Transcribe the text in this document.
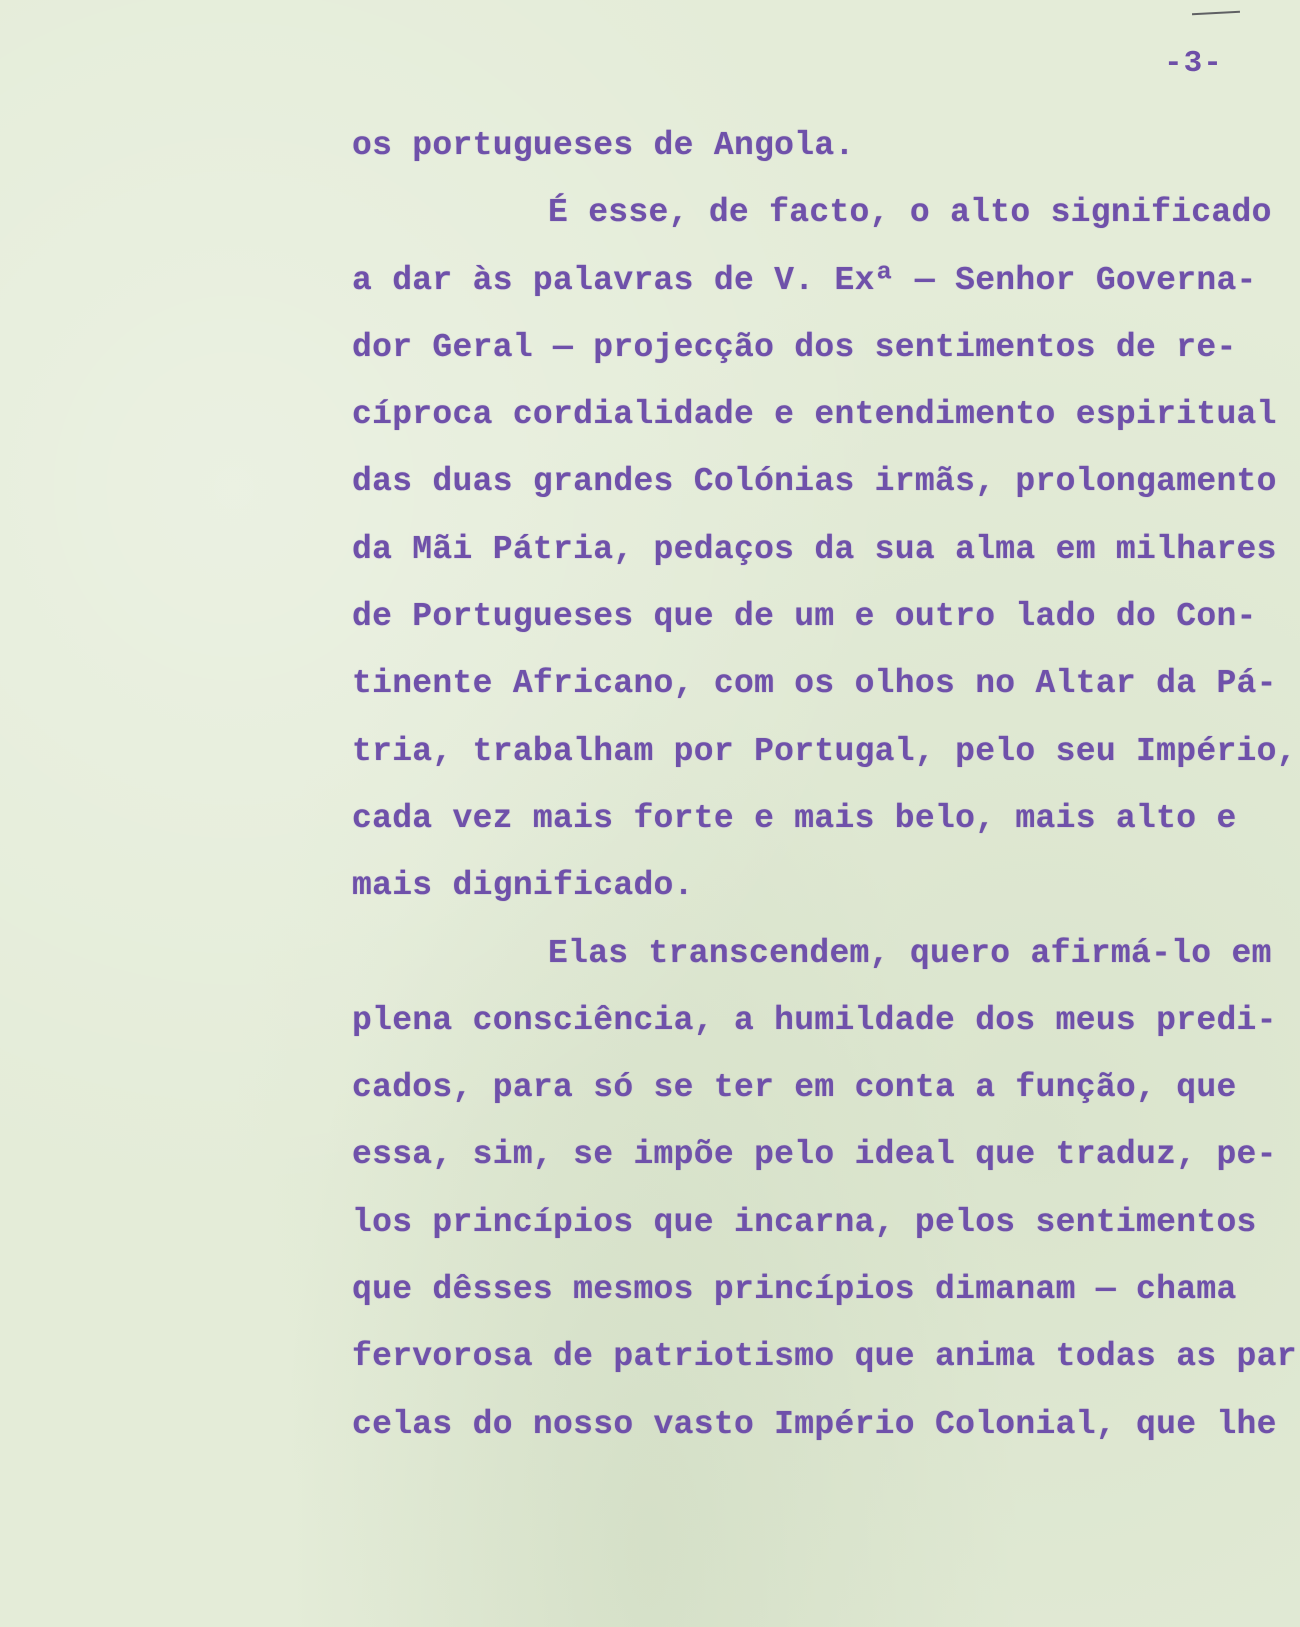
-3-
os portugueses de Angola.
É esse, de facto, o alto significado
a dar às palavras de V. Exª — Senhor Governa-
dor Geral — projecção dos sentimentos de re-
cíproca cordialidade e entendimento espiritual
das duas grandes Colónias irmãs, prolongamento
da Mãi Pátria, pedaços da sua alma em milhares
de Portugueses que de um e outro lado do Con-
tinente Africano, com os olhos no Altar da Pá-
tria, trabalham por Portugal, pelo seu Império,
cada vez mais forte e mais belo, mais alto e
mais dignificado.
Elas transcendem, quero afirmá-lo em
plena consciência, a humildade dos meus predi-
cados, para só se ter em conta a função, que
essa, sim, se impõe pelo ideal que traduz, pe-
los princípios que incarna, pelos sentimentos
que dêsses mesmos princípios dimanam — chama
fervorosa de patriotismo que anima todas as par
celas do nosso vasto Império Colonial, que lhe
